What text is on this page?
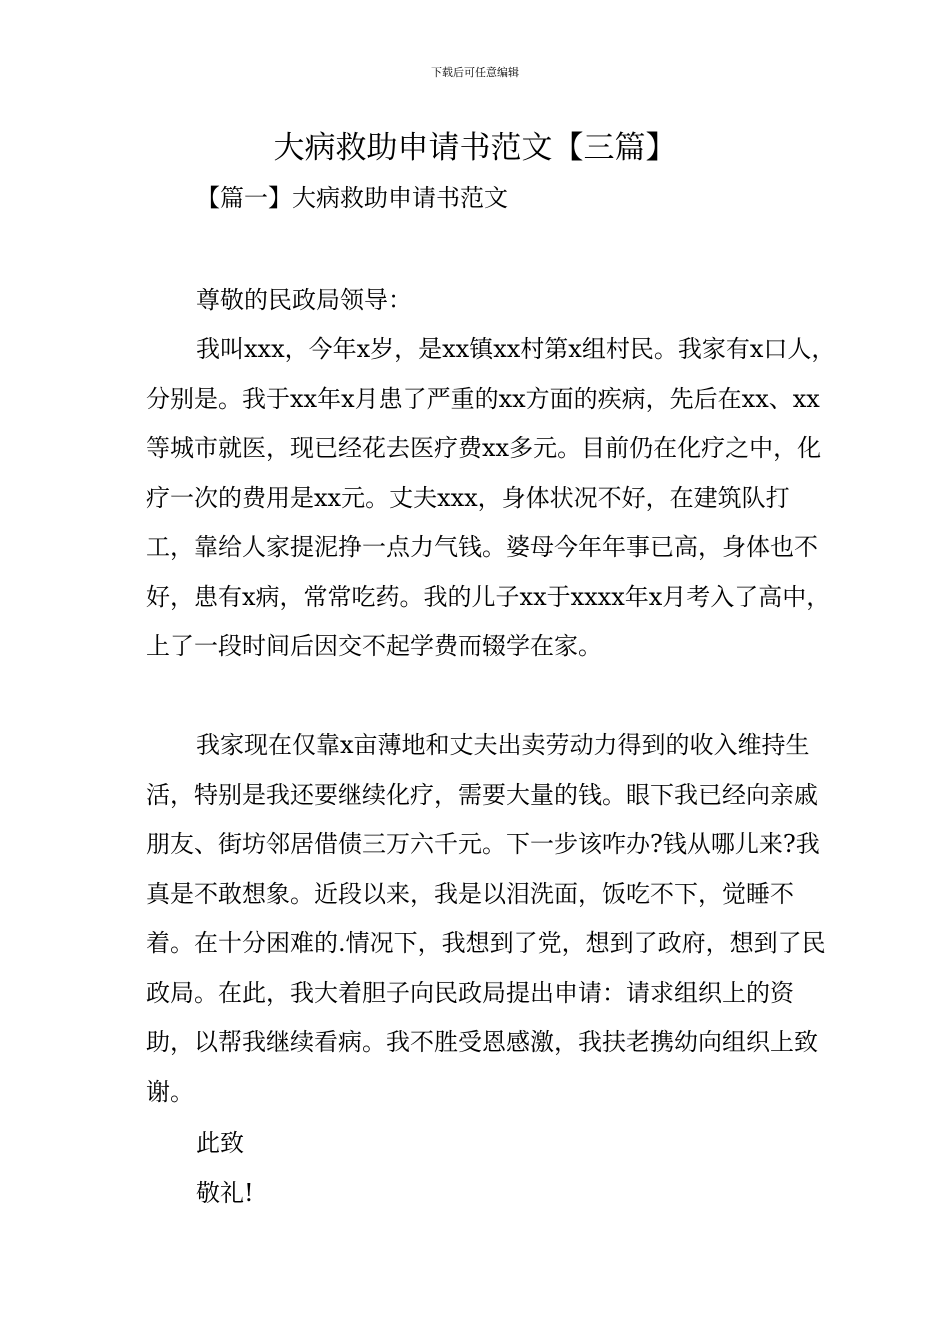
下载后可任意编辑
大病救助申请书范文【三篇】
【篇一】大病救助申请书范文

尊敬的民政局领导：

我叫xxx，今年x岁，是xx镇xx村第x组村民。我家有x口人，分别是。我于xx年x月患了严重的xx方面的疾病，先后在xx、xx等城市就医，现已经花去医疗费xx多元。目前仍在化疗之中，化疗一次的费用是xx元。丈夫xxx，身体状况不好，在建筑队打工，靠给人家提泥挣一点力气钱。婆母今年年事已高，身体也不好，患有x病，常常吃药。我的儿子xx于xxxx年x月考入了高中，上了一段时间后因交不起学费而辍学在家。

我家现在仅靠x亩薄地和丈夫出卖劳动力得到的收入维持生活，特别是我还要继续化疗，需要大量的钱。眼下我已经向亲戚朋友、街坊邻居借债三万六千元。下一步该咋办?钱从哪儿来?我真是不敢想象。近段以来，我是以泪洗面，饭吃不下，觉睡不着。在十分困难的.情况下，我想到了党，想到了政府，想到了民政局。在此，我大着胆子向民政局提出申请：请求组织上的资助，以帮我继续看病。我不胜受恩感激，我扶老携幼向组织上致谢。

此致

敬礼!
